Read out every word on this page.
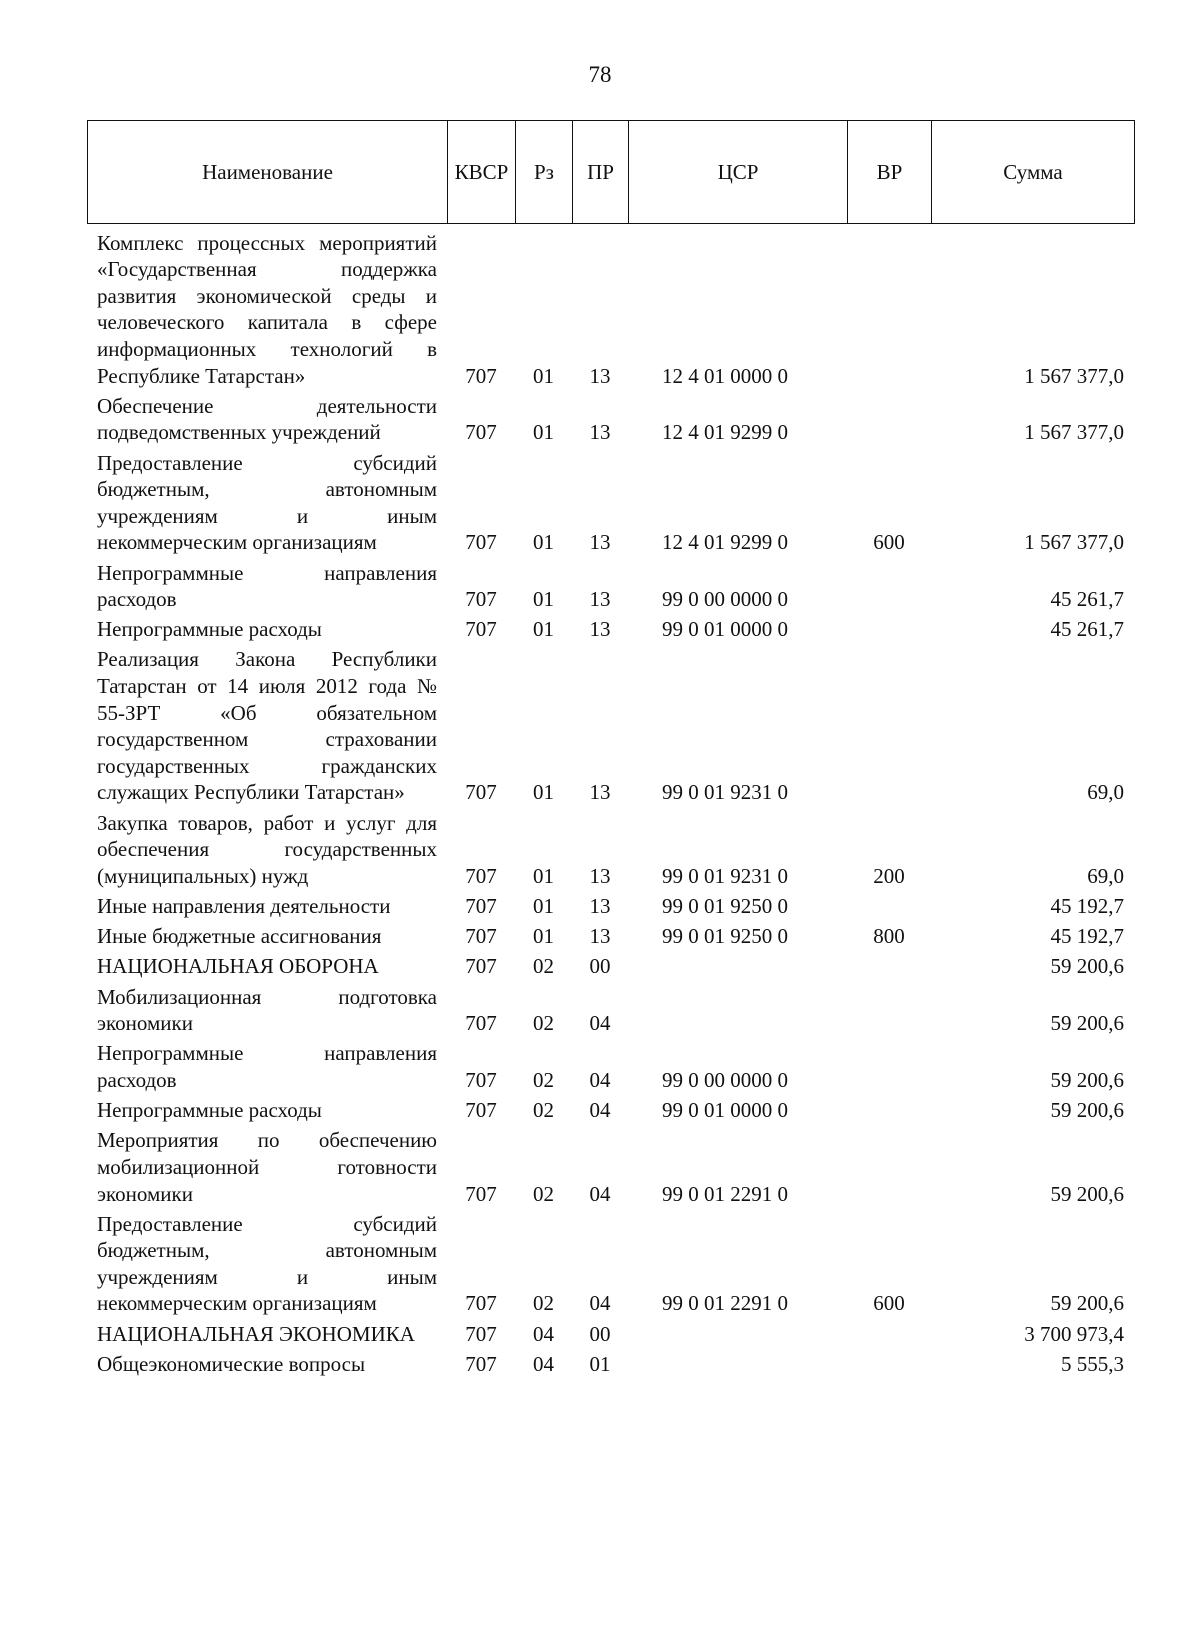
78
Наименование	КВСР	Рз	ПР	ЦСР	ВР	Сумма
Комплекс процессных мероприятий «Государственная поддержка развития экономической среды и человеческого капитала в сфере информационных технологий в Республике Татарстан»	707	01	13	12 4 01 0000 0		1 567 377,0
Обеспечение деятельности подведомственных учреждений	707	01	13	12 4 01 9299 0		1 567 377,0
Предоставление субсидий бюджетным, автономным учреждениям и иным некоммерческим организациям	707	01	13	12 4 01 9299 0	600	1 567 377,0
Непрограммные направления расходов	707	01	13	99 0 00 0000 0		45 261,7
Непрограммные расходы	707	01	13	99 0 01 0000 0		45 261,7
Реализация Закона Республики Татарстан от 14 июля 2012 года № 55-ЗРТ «Об обязательном государственном страховании государственных гражданских служащих Республики Татарстан»	707	01	13	99 0 01 9231 0		69,0
Закупка товаров, работ и услуг для обеспечения государственных (муниципальных) нужд	707	01	13	99 0 01 9231 0	200	69,0
Иные направления деятельности	707	01	13	99 0 01 9250 0		45 192,7
Иные бюджетные ассигнования	707	01	13	99 0 01 9250 0	800	45 192,7
НАЦИОНАЛЬНАЯ ОБОРОНА	707	02	00			59 200,6
Мобилизационная подготовка экономики	707	02	04			59 200,6
Непрограммные направления расходов	707	02	04	99 0 00 0000 0		59 200,6
Непрограммные расходы	707	02	04	99 0 01 0000 0		59 200,6
Мероприятия по обеспечению мобилизационной готовности экономики	707	02	04	99 0 01 2291 0		59 200,6
Предоставление субсидий бюджетным, автономным учреждениям и иным некоммерческим организациям	707	02	04	99 0 01 2291 0	600	59 200,6
НАЦИОНАЛЬНАЯ ЭКОНОМИКА	707	04	00			3 700 973,4
Общеэкономические вопросы	707	04	01			5 555,3
